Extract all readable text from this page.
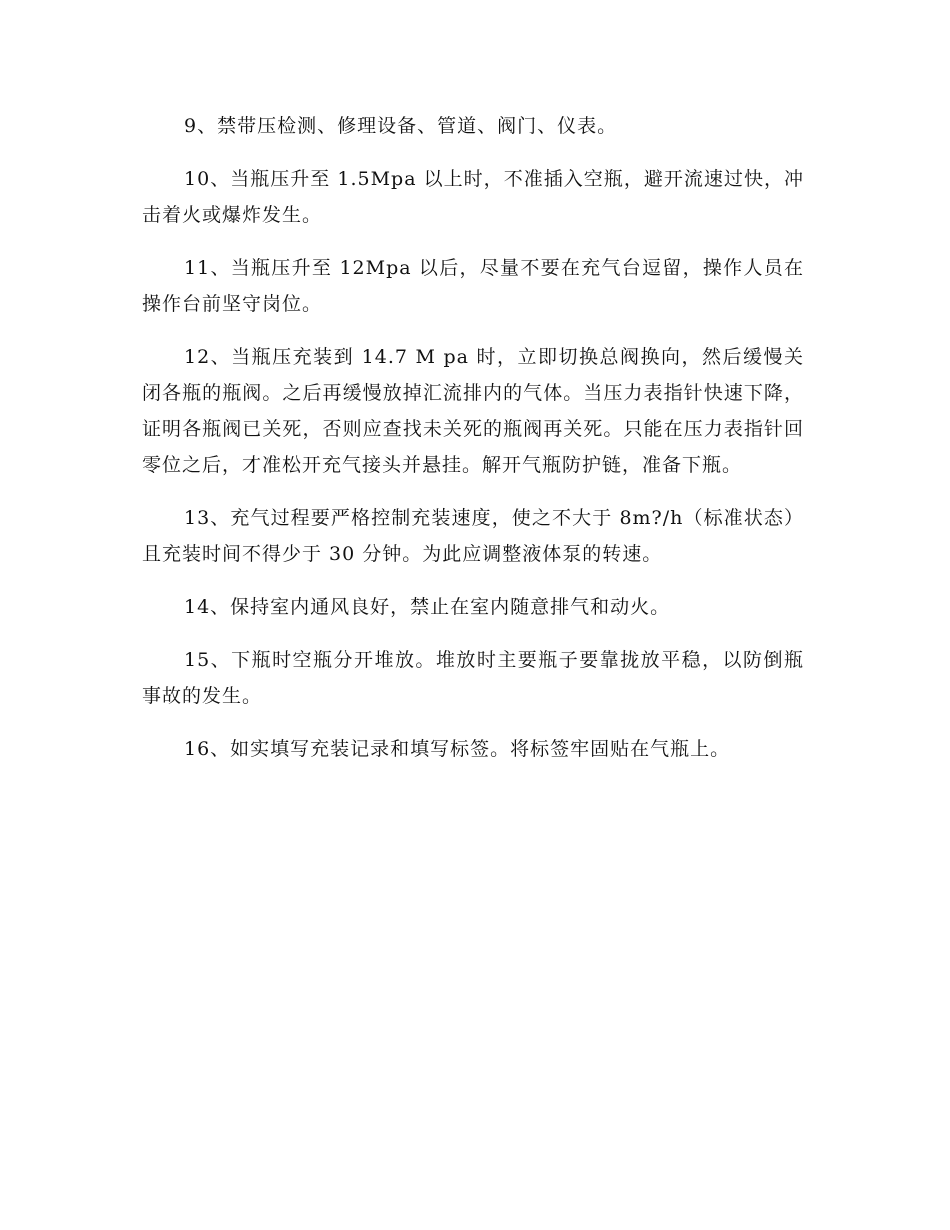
9、禁带压检测、修理设备、管道、阀门、仪表。

10、当瓶压升至 1.5Mpa 以上时，不准插入空瓶，避开流速过快，冲击着火或爆炸发生。

11、当瓶压升至 12Mpa 以后，尽量不要在充气台逗留，操作人员在操作台前坚守岗位。

12、当瓶压充装到 14.7 M pa 时，立即切换总阀换向，然后缓慢关闭各瓶的瓶阀。之后再缓慢放掉汇流排内的气体。当压力表指针快速下降，证明各瓶阀已关死，否则应查找未关死的瓶阀再关死。只能在压力表指针回零位之后，才准松开充气接头并悬挂。解开气瓶防护链，准备下瓶。

13、充气过程要严格控制充装速度，使之不大于 8m?/h（标准状态）且充装时间不得少于 30 分钟。为此应调整液体泵的转速。

14、保持室内通风良好，禁止在室内随意排气和动火。

15、下瓶时空瓶分开堆放。堆放时主要瓶子要靠拢放平稳，以防倒瓶事故的发生。

16、如实填写充装记录和填写标签。将标签牢固贴在气瓶上。
